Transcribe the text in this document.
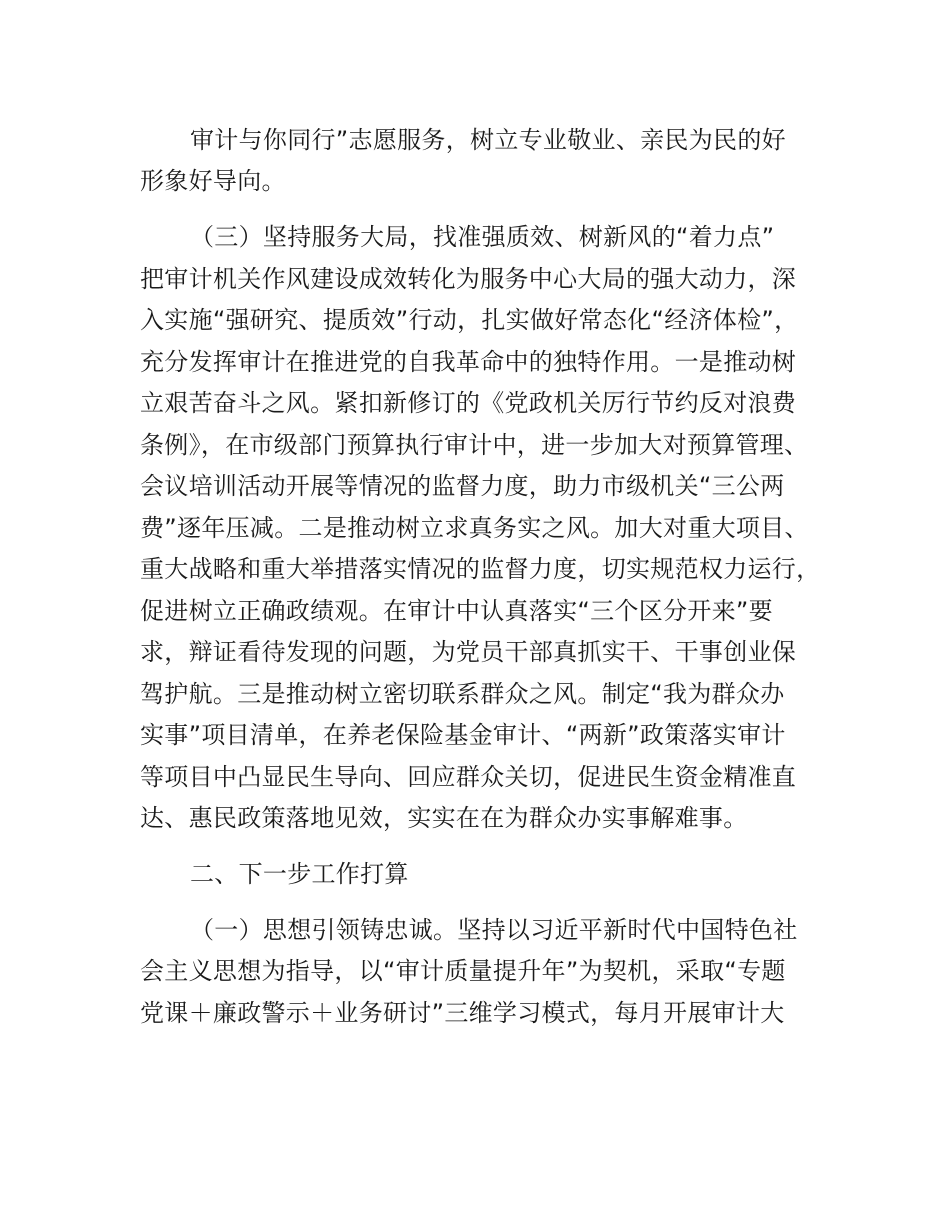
审计与你同行”志愿服务，树立专业敬业、亲民为民的好
形象好导向。
（三）坚持服务大局，找准强质效、树新风的“着力点”
把审计机关作风建设成效转化为服务中心大局的强大动力，深
入实施“强研究、提质效”行动，扎实做好常态化“经济体检”，
充分发挥审计在推进党的自我革命中的独特作用。一是推动树
立艰苦奋斗之风。紧扣新修订的《党政机关厉行节约反对浪费
条例》，在市级部门预算执行审计中，进一步加大对预算管理、
会议培训活动开展等情况的监督力度，助力市级机关“三公两
费”逐年压减。二是推动树立求真务实之风。加大对重大项目、
重大战略和重大举措落实情况的监督力度，切实规范权力运行，
促进树立正确政绩观。在审计中认真落实“三个区分开来”要
求，辩证看待发现的问题，为党员干部真抓实干、干事创业保
驾护航。三是推动树立密切联系群众之风。制定“我为群众办
实事”项目清单，在养老保险基金审计、“两新”政策落实审计
等项目中凸显民生导向、回应群众关切，促进民生资金精准直
达、惠民政策落地见效，实实在在为群众办实事解难事。
二、下一步工作打算
（一）思想引领铸忠诚。坚持以习近平新时代中国特色社
会主义思想为指导，以“审计质量提升年”为契机，采取“专题
党课＋廉政警示＋业务研讨”三维学习模式，每月开展审计大
